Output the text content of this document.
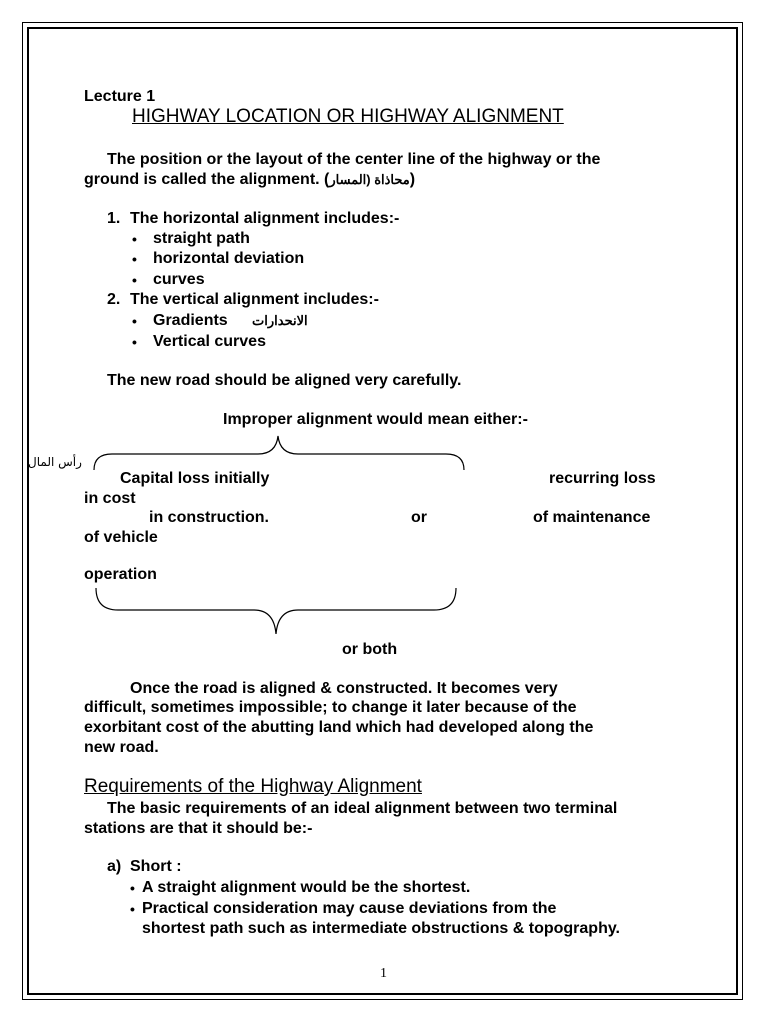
Lecture 1
HIGHWAY LOCATION OR HIGHWAY ALIGNMENT
The position or the layout of the center line of the highway or the
ground is called the alignment. (محاذاة (المسار)
1. The horizontal alignment includes:-
• straight path
• horizontal deviation
• curves
2. The vertical alignment includes:-
• Gradients الانحدارات
• Vertical curves
The new road should be aligned very carefully.
Improper alignment would mean either:-
رأس المال
Capital loss initially	recurring loss
in cost
in construction.	or	of maintenance
of vehicle
operation
or both
Once the road is aligned & constructed. It becomes very
difficult, sometimes impossible; to change it later because of the
exorbitant cost of the abutting land which had developed along the
new road.
Requirements of the Highway Alignment
The basic requirements of an ideal alignment between two terminal
stations are that it should be:-
a) Short :
• A straight alignment would be the shortest.
• Practical consideration may cause deviations from the
shortest path such as intermediate obstructions & topography.
1
